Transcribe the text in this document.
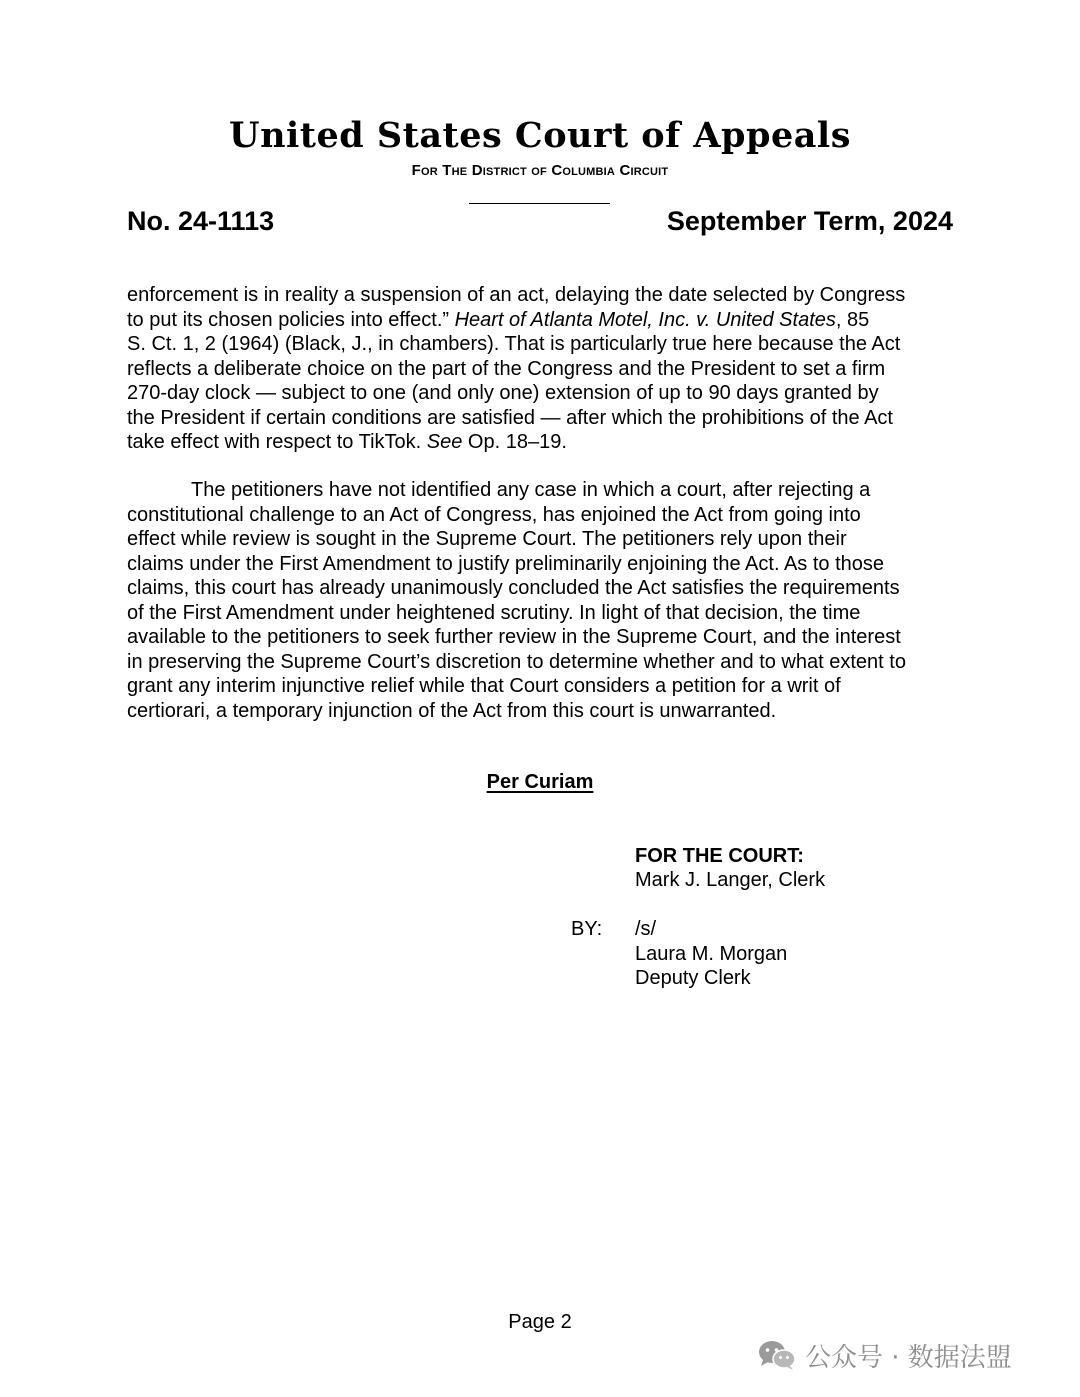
United States Court of Appeals
For The District of Columbia Circuit
No. 24-1113	September Term, 2024
enforcement is in reality a suspension of an act, delaying the date selected by Congress
to put its chosen policies into effect.” Heart of Atlanta Motel, Inc. v. United States, 85
S. Ct. 1, 2 (1964) (Black, J., in chambers). That is particularly true here because the Act
reflects a deliberate choice on the part of the Congress and the President to set a firm
270-day clock — subject to one (and only one) extension of up to 90 days granted by
the President if certain conditions are satisfied — after which the prohibitions of the Act
take effect with respect to TikTok. See Op. 18–19.
The petitioners have not identified any case in which a court, after rejecting a
constitutional challenge to an Act of Congress, has enjoined the Act from going into
effect while review is sought in the Supreme Court. The petitioners rely upon their
claims under the First Amendment to justify preliminarily enjoining the Act. As to those
claims, this court has already unanimously concluded the Act satisfies the requirements
of the First Amendment under heightened scrutiny. In light of that decision, the time
available to the petitioners to seek further review in the Supreme Court, and the interest
in preserving the Supreme Court’s discretion to determine whether and to what extent to
grant any interim injunctive relief while that Court considers a petition for a writ of
certiorari, a temporary injunction of the Act from this court is unwarranted.
Per Curiam
FOR THE COURT:
Mark J. Langer, Clerk
BY: /s/
Laura M. Morgan
Deputy Clerk
Page 2
公众号 · 数据法盟
